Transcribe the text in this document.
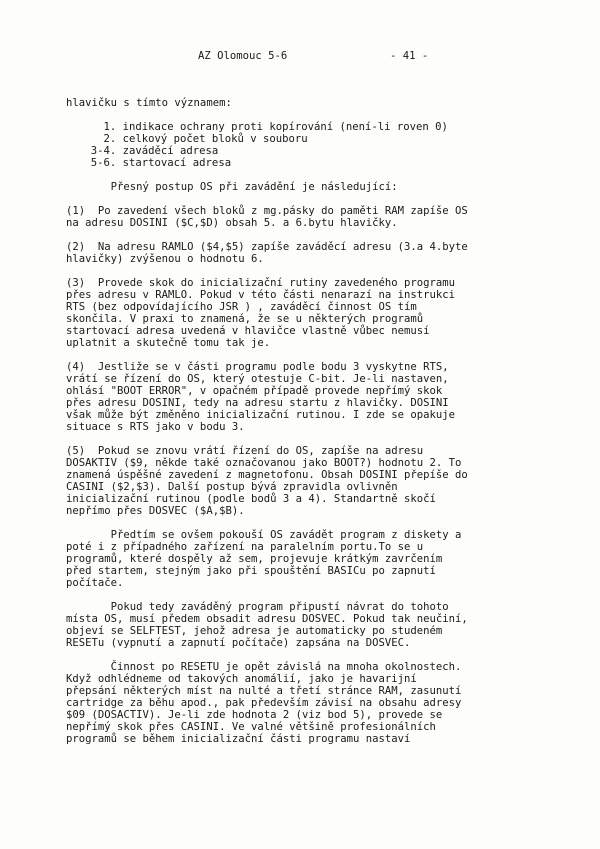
AZ Olomouc 5-6	- 41 -
hlavičku s tímto významem:
1. indikace ochrany proti kopírování (není-li roven 0)
2. celkový počet bloků v souboru
3-4. zaváděcí adresa
5-6. startovací adresa
Přesný postup OS při zavádění je následující:
(1)  Po zavedení všech bloků z mg.pásky do paměti RAM zapíše OS
na adresu DOSINI ($C,$D) obsah 5. a 6.bytu hlavičky.
(2)  Na adresu RAMLO ($4,$5) zapíše zaváděcí adresu (3.a 4.byte
hlavičky) zvýšenou o hodnotu 6.
(3)  Provede skok do inicializační rutiny zavedeného programu
přes adresu v RAMLO. Pokud v této části nenarazí na instrukci
RTS (bez odpovídajícího JSR ) , zaváděcí činnost OS tím
skončila. V praxi to znamená, že se u některých programů
startovací adresa uvedená v hlavičce vlastně vůbec nemusí
uplatnit a skutečně tomu tak je.
(4)  Jestliže se v části programu podle bodu 3 vyskytne RTS,
vrátí se řízení do OS, který otestuje C-bit. Je-li nastaven,
ohlásí "BOOT ERROR", v opačném případě provede nepřímý skok
přes adresu DOSINI, tedy na adresu startu z hlavičky. DOSINI
však může být změněno inicializační rutinou. I zde se opakuje
situace s RTS jako v bodu 3.
(5)  Pokud se znovu vrátí řízení do OS, zapíše na adresu
DOSAKTIV ($9, někde také označovanou jako BOOT?) hodnotu 2. To
znamená úspěšné zavedení z magnetofonu. Obsah DOSINI přepíše do
CASINI ($2,$3). Další postup bývá zpravidla ovlivněn
inicializační rutinou (podle bodů 3 a 4). Standartně skočí
nepřímo přes DOSVEC ($A,$B).
Předtím se ovšem pokouší OS zavádět program z diskety a
poté i z případného zařízení na paralelním portu.To se u
programů, které dospěly až sem, projevuje krátkým zavrčením
před startem, stejným jako při spouštění BASICu po zapnutí
počítače.
Pokud tedy zaváděný program připustí návrat do tohoto
místa OS, musí předem obsadit adresu DOSVEC. Pokud tak neučiní,
objeví se SELFTEST, jehož adresa je automaticky po studeném
RESETu (vypnutí a zapnutí počítače) zapsána na DOSVEC.
Činnost po RESETU je opět závislá na mnoha okolnostech.
Když odhlédneme od takových anomálií, jako je havarijní
přepsání některých míst na nulté a třetí stránce RAM, zasunutí
cartridge za běhu apod., pak především závisí na obsahu adresy
$09 (DOSACTIV). Je-li zde hodnota 2 (viz bod 5), provede se
nepřímý skok přes CASINI. Ve valné většině profesionálních
programů se během inicializační části programu nastaví
